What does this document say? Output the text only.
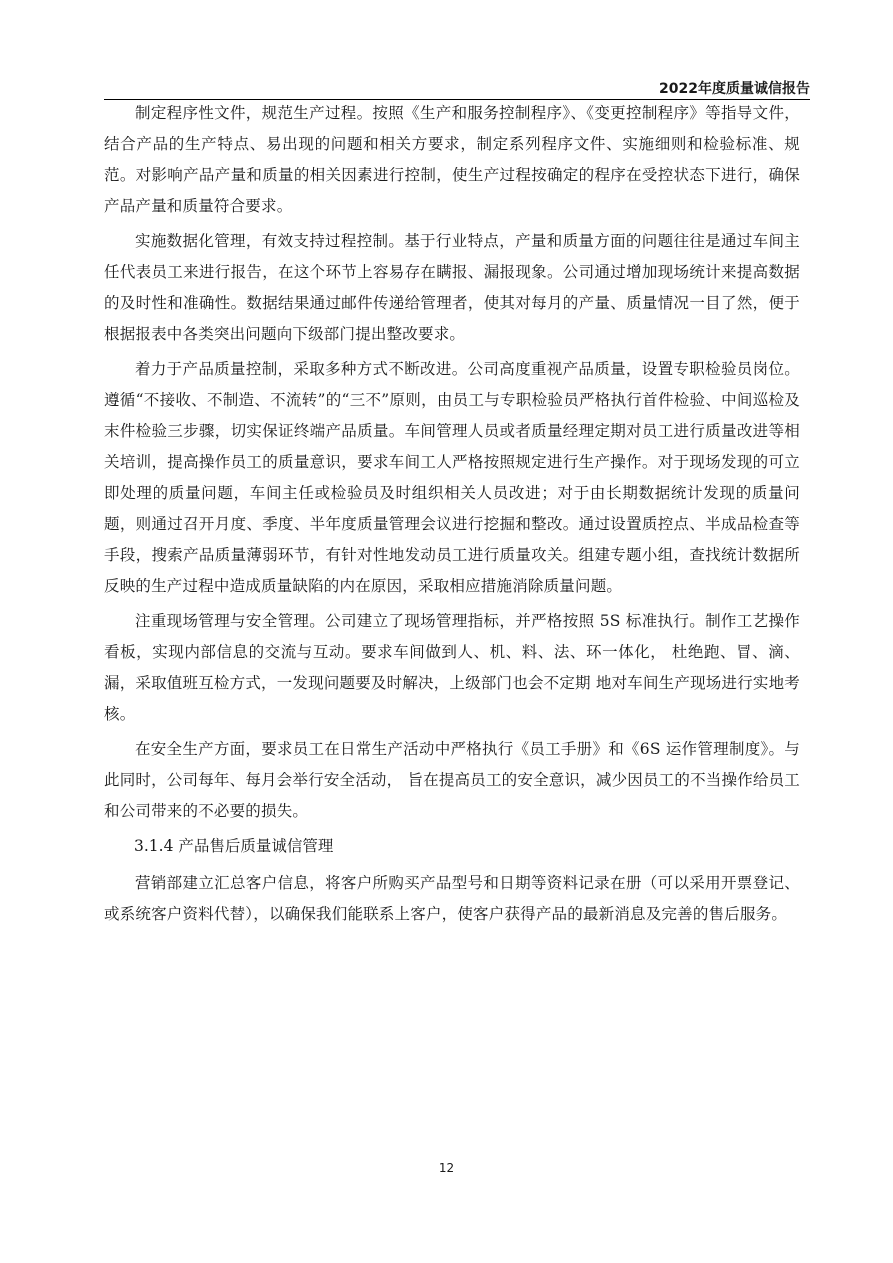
2022年度质量诚信报告

制定程序性文件，规范生产过程。按照《生产和服务控制程序》、《变更控制程序》等指导文件，结合产品的生产特点、易出现的问题和相关方要求，制定系列程序文件、实施细则和检验标准、规范。对影响产品产量和质量的相关因素进行控制，使生产过程按确定的程序在受控状态下进行，确保产品产量和质量符合要求。

实施数据化管理，有效支持过程控制。基于行业特点，产量和质量方面的问题往往是通过车间主任代表员工来进行报告，在这个环节上容易存在瞒报、漏报现象。公司通过增加现场统计来提高数据的及时性和准确性。数据结果通过邮件传递给管理者，使其对每月的产量、质量情况一目了然，便于根据报表中各类突出问题向下级部门提出整改要求。

着力于产品质量控制，采取多种方式不断改进。公司高度重视产品质量，设置专职检验员岗位。遵循“不接收、不制造、不流转”的“三不”原则，由员工与专职检验员严格执行首件检验、中间巡检及末件检验三步骤，切实保证终端产品质量。车间管理人员或者质量经理定期对员工进行质量改进等相关培训，提高操作员工的质量意识，要求车间工人严格按照规定进行生产操作。对于现场发现的可立即处理的质量问题，车间主任或检验员及时组织相关人员改进；对于由长期数据统计发现的质量问题，则通过召开月度、季度、半年度质量管理会议进行挖掘和整改。通过设置质控点、半成品检查等手段，搜索产品质量薄弱环节，有针对性地发动员工进行质量攻关。组建专题小组，查找统计数据所反映的生产过程中造成质量缺陷的内在原因，采取相应措施消除质量问题。

注重现场管理与安全管理。公司建立了现场管理指标，并严格按照 5S 标准执行。制作工艺操作看板，实现内部信息的交流与互动。要求车间做到人、机、料、法、环一体化， 杜绝跑、冒、滴、漏，采取值班互检方式，一发现问题要及时解决，上级部门也会不定期 地对车间生产现场进行实地考核。

在安全生产方面，要求员工在日常生产活动中严格执行《员工手册》和《6S 运作管理制度》。与此同时，公司每年、每月会举行安全活动， 旨在提高员工的安全意识，减少因员工的不当操作给员工和公司带来的不必要的损失。

3.1.4 产品售后质量诚信管理

营销部建立汇总客户信息，将客户所购买产品型号和日期等资料记录在册（可以采用开票登记、或系统客户资料代替），以确保我们能联系上客户，使客户获得产品的最新消息及完善的售后服务。

12
